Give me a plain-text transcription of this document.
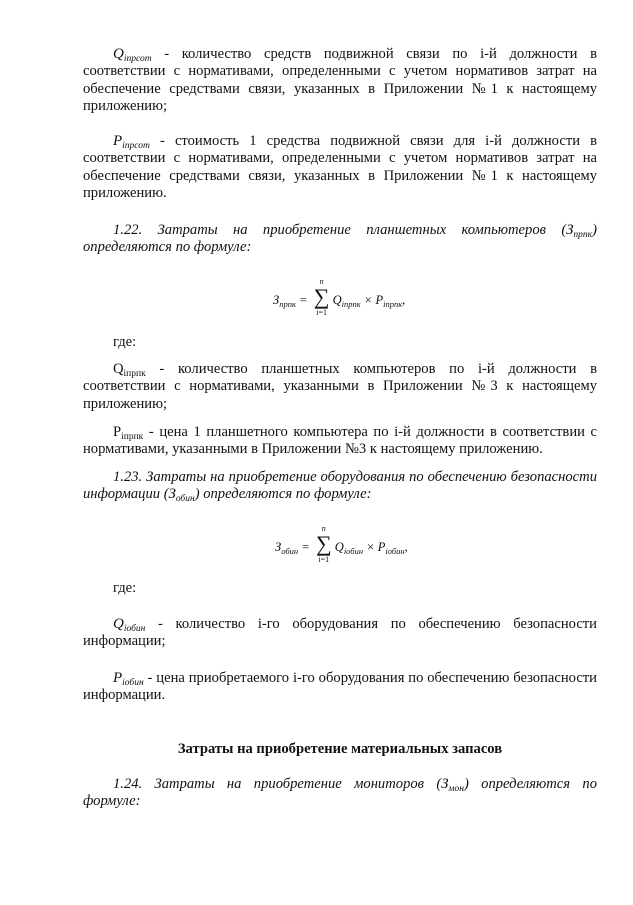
$Q_{iпрсот}$ - количество средств подвижной связи по i-й должности в соответствии с нормативами, определенными с учетом нормативов затрат на обеспечение средствами связи, указанных в Приложении №1 к настоящему приложению;
$P_{iпрсот}$ - стоимость 1 средства подвижной связи для i-й должности в соответствии с нормативами, определенными с учетом нормативов затрат на обеспечение средствами связи, указанных в Приложении №1 к настоящему приложению.
1.22. Затраты на приобретение планшетных компьютеров $(З_{прпк})$ определяются по формуле:
$З_{прпк}$ =
n
∑
i=1
$Q_{iпрпк} \times P_{iпрпк}$,
где:
$Q_{iпрпк}$ - количество планшетных компьютеров по i-й должности в соответствии с нормативами, указанными в Приложении №3 к настоящему приложению;
$P_{iпрпк}$ - цена 1 планшетного компьютера по i-й должности в соответствии с нормативами, указанными в Приложении №3 к настоящему приложению.
1.23. Затраты на приобретение оборудования по обеспечению безопасности информации $(З_{обин})$ определяются по формуле:
$З_{обин}$ =
n
∑
i=1
$Q_{iобин} \times P_{iобин}$,
где:
$Q_{iобин}$ - количество i-го оборудования по обеспечению безопасности информации;
$P_{iобин}$ - цена приобретаемого i-го оборудования по обеспечению безопасности информации.
Затраты на приобретение материальных запасов
1.24. Затраты на приобретение мониторов $(З_{мон})$ определяются по формуле:
